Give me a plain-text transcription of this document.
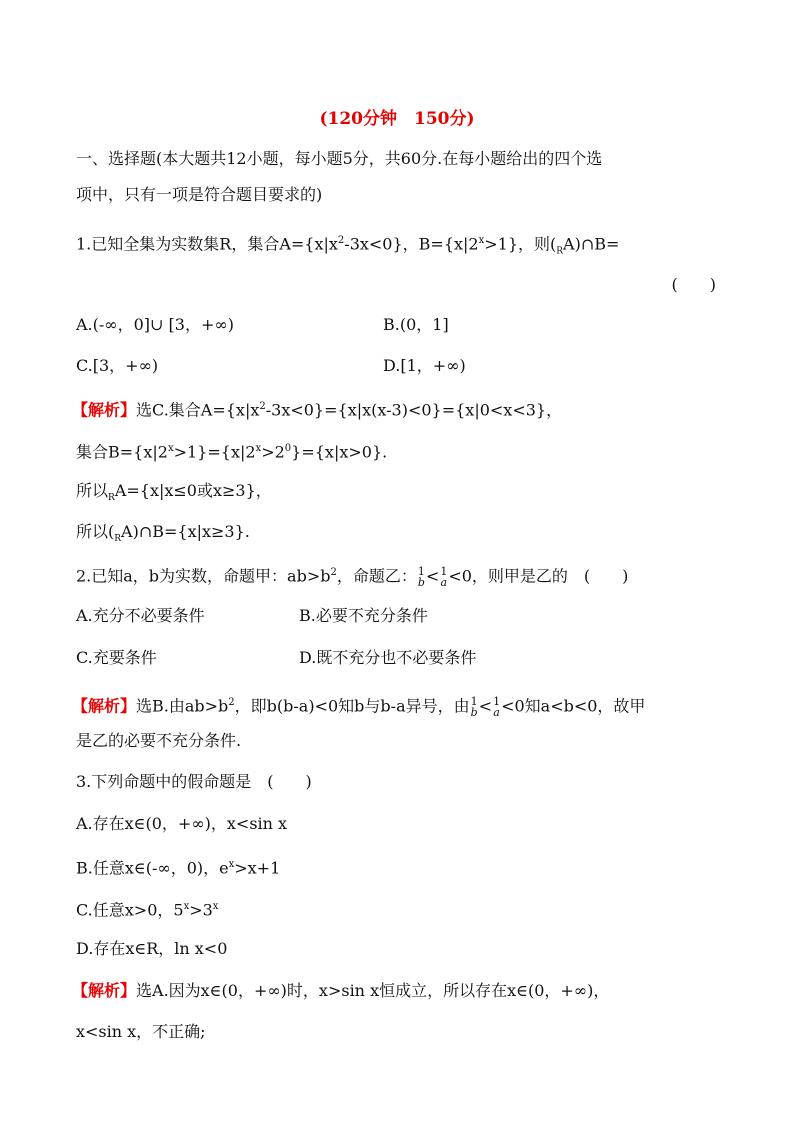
(120分钟　150分)
一、选择题(本大题共12小题，每小题5分，共60分.在每小题给出的四个选
项中，只有一项是符合题目要求的)
1.已知全集为实数集R，集合$A=\{x|x^2-3x<0\}$，$B=\{x|2^x>1\}$，则$(_RA)\cap B=$
(　　)
A.(-∞，0]∪ [3，+∞)	B.(0，1]
C.[3，+∞)	D.[1，+∞)
【解析】选C.集合$A=\{x|x^2-3x<0\}=\{x|x(x-3)<0\}=\{x|0<x<3\}$，
集合$B=\{x|2^x>1\}=\{x|2^x>2^0\}=\{x|x>0\}$.
所以$_R$A={x|x≤0或x≥3}，
所以$(_RA)\cap B=\{x|x\ge 3\}$.
2.已知a，b为实数，命题甲：$ab>b^2$，命题乙： 1
b < 1
a <0，则甲是乙的　(　　)
A.充分不必要条件	B.必要不充分条件
C.充要条件	D.既不充分也不必要条件
【解析】选B.由$ab>b^2$，即b(b-a)<0知b与b-a异号，由 1
b < 1
a <0知a<b<0，故甲
是乙的必要不充分条件.
3.下列命题中的假命题是　(　　)
A.存在x∈(0，+∞)，x<sin x
B.任意x∈(-∞，0)，$e^x>x+1$
C.任意x>0，$5^x>3^x$
D.存在x∈R，ln x<0
【解析】选A.因为x∈(0，+∞)时，x>sin x恒成立，所以存在x∈(0，+∞)，
x<sin x，不正确;
